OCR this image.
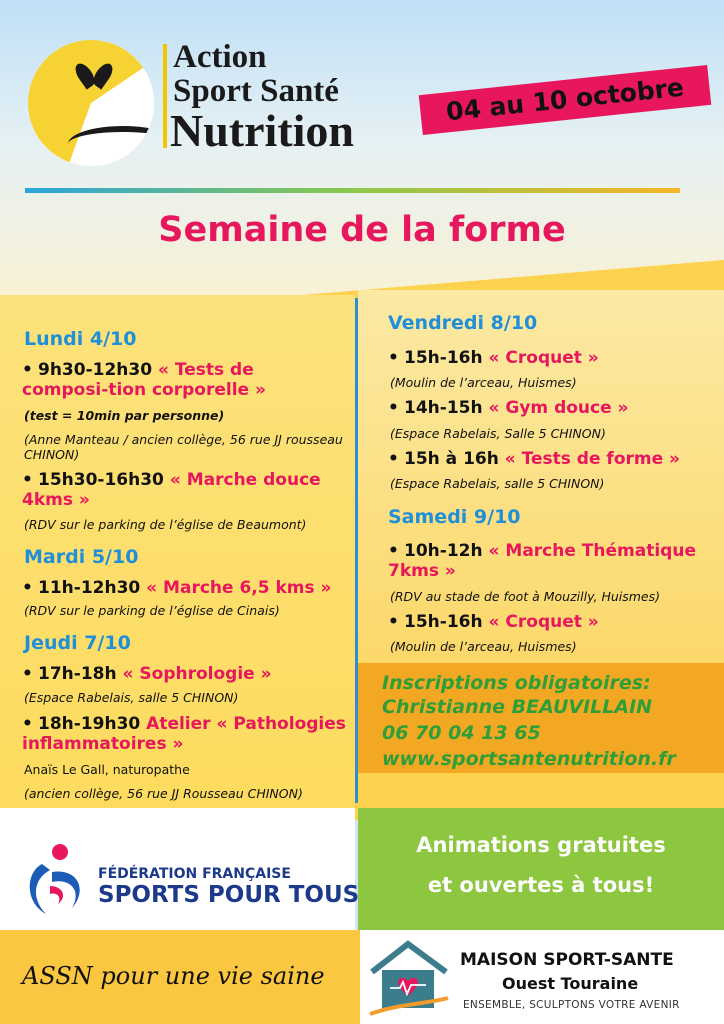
Action
Sport Santé
Nutrition
04 au 10 octobre
Semaine de la forme
Lundi 4/10
• 9h30-12h30 « Tests de composi-tion corporelle »
(test = 10min par personne)
(Anne Manteau / ancien collège, 56 rue JJ rousseau CHINON)
• 15h30-16h30 « Marche douce 4kms »
(RDV sur le parking de l’église de Beaumont)
Mardi 5/10
• 11h-12h30 « Marche 6,5 kms »
(RDV sur le parking de l’église de Cinais)
Jeudi 7/10
• 17h-18h « Sophrologie »
(Espace Rabelais, salle 5 CHINON)
• 18h-19h30 Atelier « Pathologies inflammatoires »
Anaïs Le Gall, naturopathe
(ancien collège, 56 rue JJ Rousseau CHINON)
Vendredi 8/10
• 15h-16h « Croquet »
(Moulin de l’arceau, Huismes)
• 14h-15h « Gym douce »
(Espace Rabelais, Salle 5 CHINON)
• 15h à 16h « Tests de forme »
(Espace Rabelais, salle 5 CHINON)
Samedi 9/10
• 10h-12h « Marche Thématique 7kms »
(RDV au stade de foot à Mouzilly, Huismes)
• 15h-16h « Croquet »
(Moulin de l’arceau, Huismes)
Inscriptions obligatoires:
Christianne BEAUVILLAIN
06 70 04 13 65
www.sportsantenutrition.fr
Animations gratuites
et ouvertes à tous!
FÉDÉRATION FRANÇAISE
SPORTS POUR TOUS
ASSN pour une vie saine
MAISON SPORT-SANTE
Ouest Touraine
ENSEMBLE, SCULPTONS VOTRE AVENIR
